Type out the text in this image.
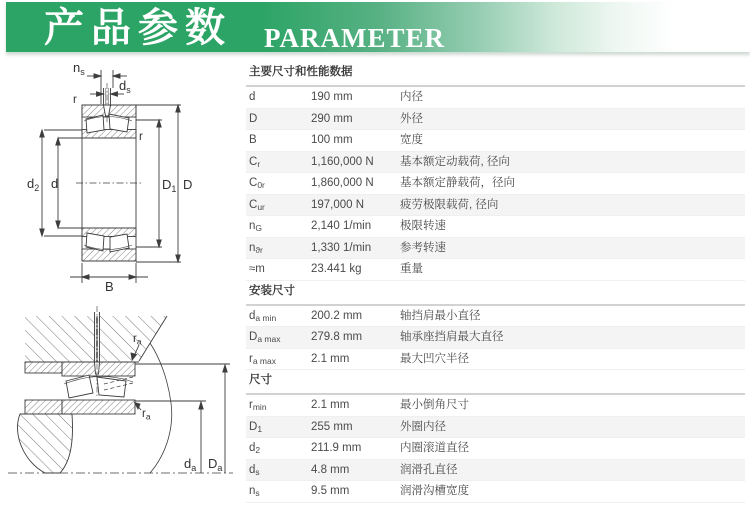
产品参数 PARAMETER
$n_s$
$d_s$
r
r
$d_2$ d	$D_1$ D
B
$r_a$
$r_a$
$d_a$ $D_a$
主要尺寸和性能数据
d	190 mm	内径
D	290 mm	外径
B	100 mm	宽度
Cr	1,160,000 N 基本额定动载荷, 径向
C0r	1,860,000 N 基本额定静载荷，径向
Cur	197,000 N	疲劳极限载荷, 径向
nG	2,140 1/min	极限转速
nϑr	1,330 1/min	参考转速
≈m	23.441 kg	重量
安装尺寸
da min	200.2 mm	轴挡肩最小直径
Da max	279.8 mm	轴承座挡肩最大直径
ra max	2.1 mm	最大凹穴半径
尺寸
rmin	2.1 mm	最小倒角尺寸
D1	255 mm	外圈内径
d2	211.9 mm	内圈滚道直径
ds	4.8 mm	润滑孔直径
ns	9.5 mm	润滑沟槽宽度
